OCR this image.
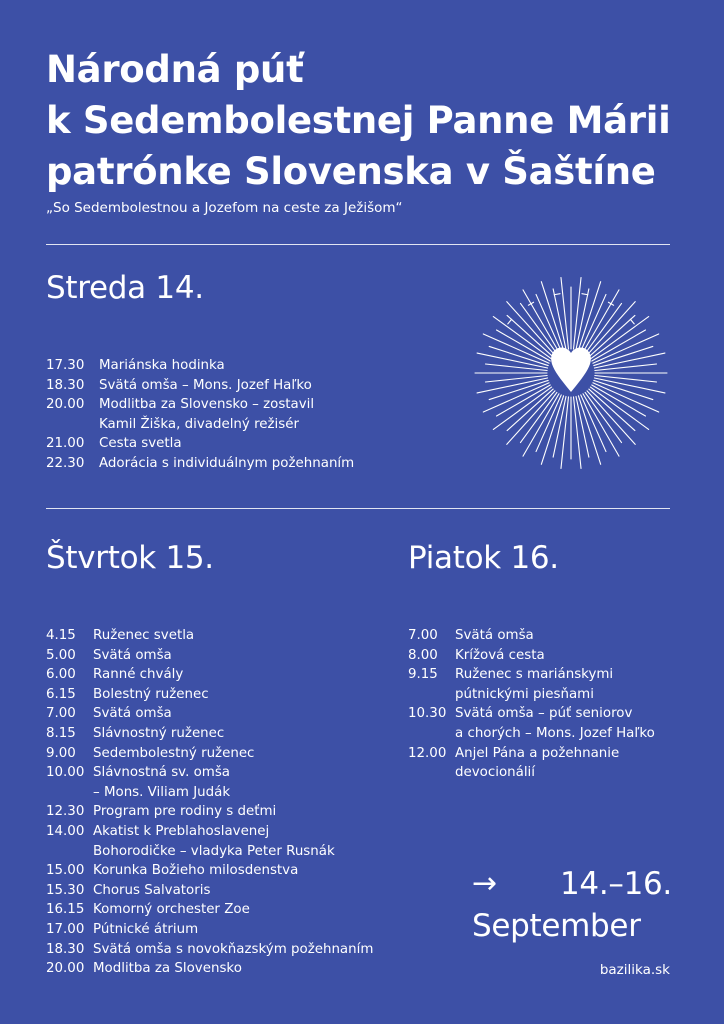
Národná púť
k Sedembolestnej Panne Márii
patrónke Slovenska v Šaštíne
„So Sedembolestnou a Jozefom na ceste za Ježišom“
Streda 14.
17.30	Mariánska hodinka
18.30	Svätá omša – Mons. Jozef Haľko
20.00	Modlitba za Slovensko – zostavil
Kamil Žiška, divadelný režisér
21.00	Cesta svetla
22.30	Adorácia s individuálnym požehnaním
Štvrtok 15.
4.15	Ruženec svetla
5.00	Svätá omša
6.00	Ranné chvály
6.15	Bolestný ruženec
7.00	Svätá omša
8.15	Slávnostný ruženec
9.00	Sedembolestný ruženec
10.00 Slávnostná sv. omša
– Mons. Viliam Judák
12.30 Program pre rodiny s deťmi
14.00 Akatist k Preblahoslavenej
Bohorodičke – vladyka Peter Rusnák
15.00 Korunka Božieho milosdenstva
15.30 Chorus Salvatoris
16.15 Komorný orchester Zoe
17.00 Pútnické átrium
18.30 Svätá omša s novokňazským požehnaním
20.00 Modlitba za Slovensko
Piatok 16.
7.00	Svätá omša
8.00	Krížová cesta
9.15	Ruženec s mariánskymi
pútnickými piesňami
10.30 Svätá omša – púť seniorov
a chorých – Mons. Jozef Haľko
12.00 Anjel Pána a požehnanie
devocionálií
→ 14.–16.
September
bazilika.sk
